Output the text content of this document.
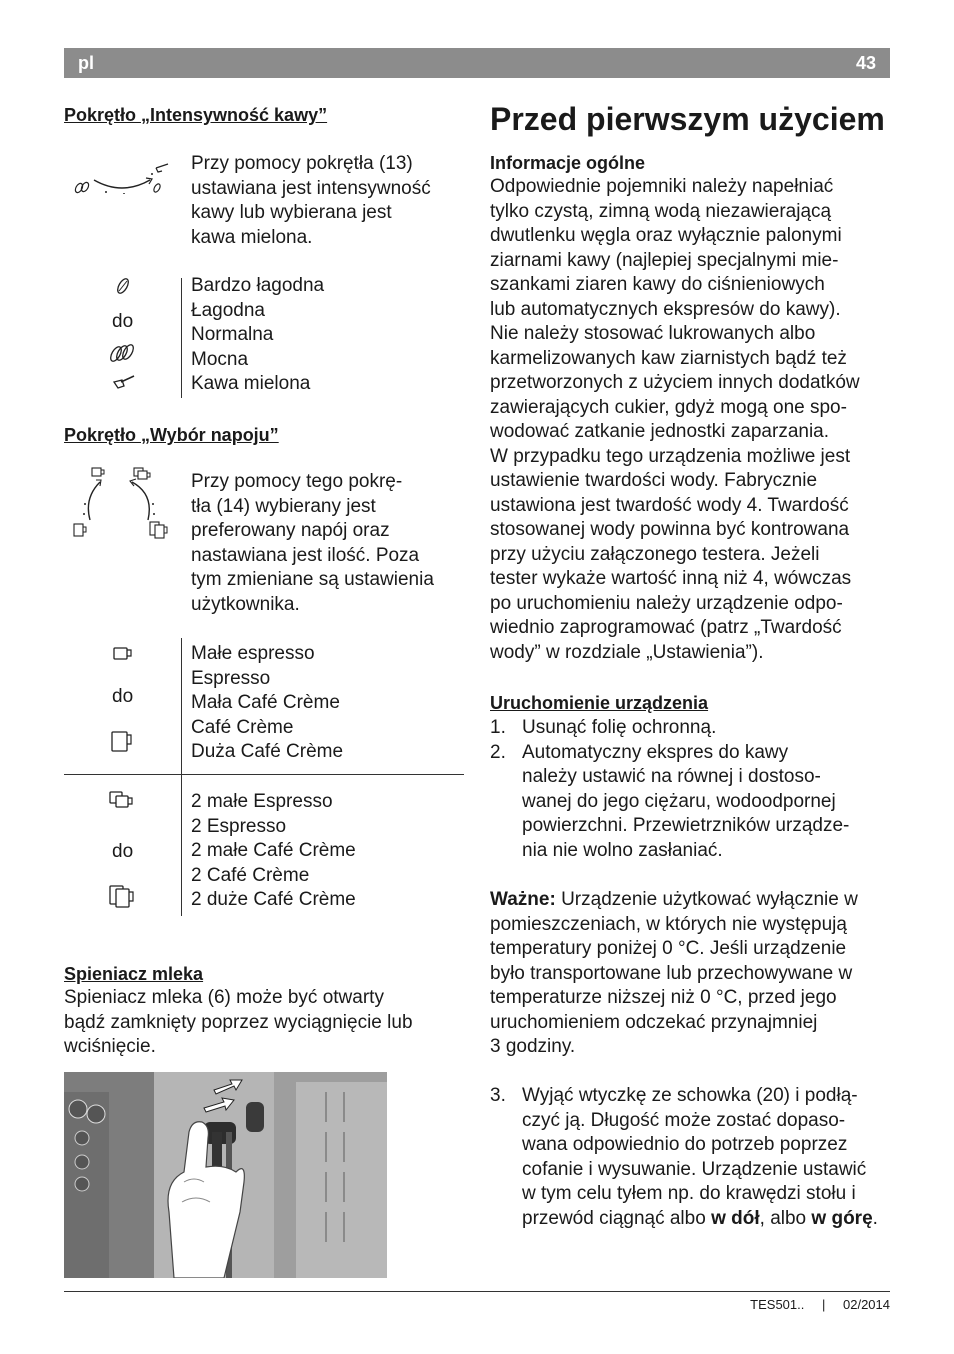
pl	43
Pokrętło „Intensywność kawy”
Przy pomocy pokrętła (13)
ustawiana jest intensywność
kawy lub wybierana jest
kawa mielona.
do
Bardzo łagodna
Łagodna
Normalna
Mocna
Kawa mielona
Pokrętło „Wybór napoju”
Przy pomocy tego pokrę-
tła (14) wybierany jest
preferowany napój oraz
nastawiana jest ilość. Poza
tym zmieniane są ustawienia
użytkownika.
do
Małe espresso
Espresso
Mała Café Crème
Café Crème
Duża Café Crème
do
2 małe Espresso
2 Espresso
2 małe Café Crème
2 Café Crème
2 duże Café Crème
Spieniacz mleka
Spieniacz mleka (6) może być otwarty
bądź zamknięty poprzez wyciągnięcie lub
wciśnięcie.
Przed pierwszym użyciem
Informacje ogólne
Odpowiednie pojemniki należy napełniać
tylko czystą, zimną wodą niezawierającą
dwutlenku węgla oraz wyłącznie palonymi
ziarnami kawy (najlepiej specjalnymi mie-
szankami ziaren kawy do ciśnieniowych
lub automatycznych ekspresów do kawy).
Nie należy stosować lukrowanych albo
karmelizowanych kaw ziarnistych bądź też
przetworzonych z użyciem innych dodatków
zawierających cukier, gdyż mogą one spo-
wodować zatkanie jednostki zaparzania.
W przypadku tego urządzenia możliwe jest
ustawienie twardości wody. Fabrycznie
ustawiona jest twardość wody 4. Twardość
stosowanej wody powinna być kontrowana
przy użyciu załączonego testera. Jeżeli
tester wykaże wartość inną niż 4, wówczas
po uruchomieniu należy urządzenie odpo-
wiednio zaprogramować (patrz „Twardość
wody” w rozdziale „Ustawienia”).
Uruchomienie urządzenia
1. Usunąć folię ochronną.
2. Automatyczny ekspres do kawy
należy ustawić na równej i dostoso-
wanej do jego ciężaru, wodoodpornej
powierzchni. Przewietrzników urządze-
nia nie wolno zasłaniać.
Ważne: Urządzenie użytkować wyłącznie w
pomieszczeniach, w których nie występują
temperatury poniżej 0 °C. Jeśli urządzenie
było transportowane lub przechowywane w
temperaturze niższej niż 0 °C, przed jego
uruchomieniem odczekać przynajmniej
3 godziny.
3. Wyjąć wtyczkę ze schowka (20) i podłą-
czyć ją. Długość może zostać dopaso-
wana odpowiednio do potrzeb poprzez
cofanie i wysuwanie. Urządzenie ustawić
w tym celu tyłem np. do krawędzi stołu i
przewód ciągnąć albo w dół, albo w górę.
TES501.. | 02/2014
